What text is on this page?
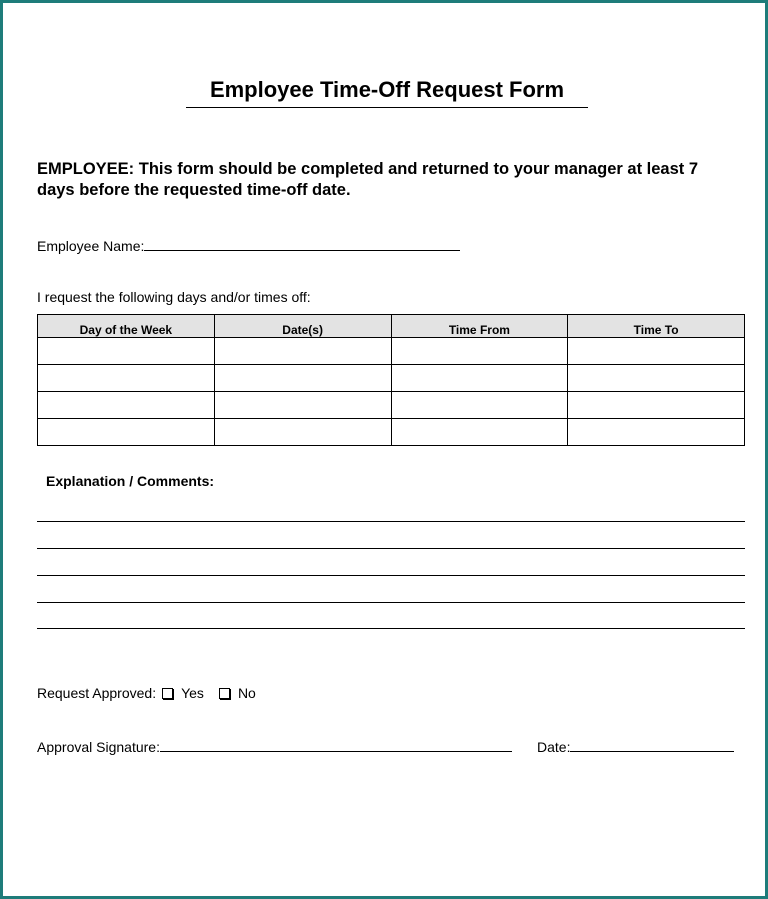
Employee Time-Off Request Form
EMPLOYEE: This form should be completed and returned to your manager at least 7 days before the requested time-off date.
Employee Name:
I request the following days and/or times off:
Day of the Week	Date(s)	Time From	Time To

Explanation / Comments:
Request Approved: Yes No
Approval Signature:	Date:
